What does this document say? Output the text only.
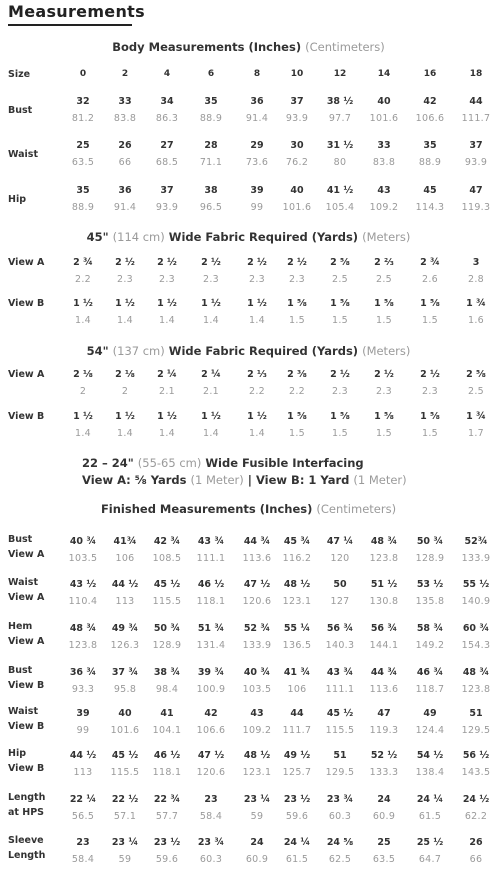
Measurements
Body Measurements (Inches) (Centimeters)
Size	0	2	4	6	8	10	12	14	16	18
Bust
32	33	34	35	36	37	38 ½	40	42	44
81.2	83.8	86.3	88.9	91.4	93.9	97.7	101.6	106.6	111.7
Waist
25	26	27	28	29	30	31 ½	33	35	37
63.5	66	68.5	71.1	73.6	76.2	80	83.8	88.9	93.9
Hip
35	36	37	38	39	40	41 ½	43	45	47
88.9	91.4	93.9	96.5	99	101.6	105.4	109.2	114.3	119.3
45" (114 cm) Wide Fabric Required (Yards) (Meters)
View A	2 ¾	2 ½	2 ½	2 ½	2 ½	2 ½	2 ⅝	2 ⅔	2 ¾	3
2.2	2.3	2.3	2.3	2.3	2.3	2.5	2.5	2.6	2.8
View B	1 ½	1 ½	1 ½	1 ½	1 ½	1 ⅝	1 ⅝	1 ⅝	1 ⅝	1 ¾
1.4	1.4	1.4	1.4	1.4	1.5	1.5	1.5	1.5	1.6
54" (137 cm) Wide Fabric Required (Yards) (Meters)
View A	2 ⅛	2 ⅛	2 ¼	2 ¼	2 ⅓	2 ⅜	2 ½	2 ½	2 ½	2 ⅝
2	2	2.1	2.1	2.2	2.2	2.3	2.3	2.3	2.5
View B	1 ½	1 ½	1 ½	1 ½	1 ½	1 ⅝	1 ⅝	1 ⅝	1 ⅝	1 ¾
1.4	1.4	1.4	1.4	1.4	1.5	1.5	1.5	1.5	1.7
22 – 24" (55-65 cm) Wide Fusible Interfacing
View A: ⅝ Yards (1 Meter) | View B: 1 Yard (1 Meter)
Finished Measurements (Inches) (Centimeters)
Bust
View A
40 ¾	41¾	42 ¾	43 ¾	44 ¾	45 ¾	47 ¼	48 ¾	50 ¾	52¾
103.5	106	108.5	111.1	113.6	116.2	120	123.8	128.9	133.9
Waist
View A
43 ½	44 ½	45 ½	46 ½	47 ½	48 ½	50	51 ½	53 ½	55 ½
110.4	113	115.5	118.1	120.6	123.1	127	130.8	135.8	140.9
Hem
View A
48 ¾	49 ¾	50 ¾	51 ¾	52 ¾	55 ¼	56 ¾	56 ¾	58 ¾	60 ¾
123.8	126.3	128.9	131.4	133.9	136.5	140.3	144.1	149.2	154.3
Bust
View B
36 ¾	37 ¾	38 ¾	39 ¾	40 ¾	41 ¾	43 ¾	44 ¾	46 ¾	48 ¾
93.3	95.8	98.4	100.9	103.5	106	111.1	113.6	118.7	123.8
Waist
View B
39	40	41	42	43	44	45 ½	47	49	51
99	101.6	104.1	106.6	109.2	111.7	115.5	119.3	124.4	129.5
Hip
View B
44 ½	45 ½	46 ½	47 ½	48 ½	49 ½	51	52 ½	54 ½	56 ½
113	115.5	118.1	120.6	123.1	125.7	129.5	133.3	138.4	143.5
Length
at HPS
22 ¼	22 ½	22 ¾	23	23 ¼	23 ½	23 ¾	24	24 ¼	24 ½
56.5	57.1	57.7	58.4	59	59.6	60.3	60.9	61.5	62.2
Sleeve
Length
23	23 ¼	23 ½	23 ¾	24	24 ¼	24 ⅝	25	25 ½	26
58.4	59	59.6	60.3	60.9	61.5	62.5	63.5	64.7	66
